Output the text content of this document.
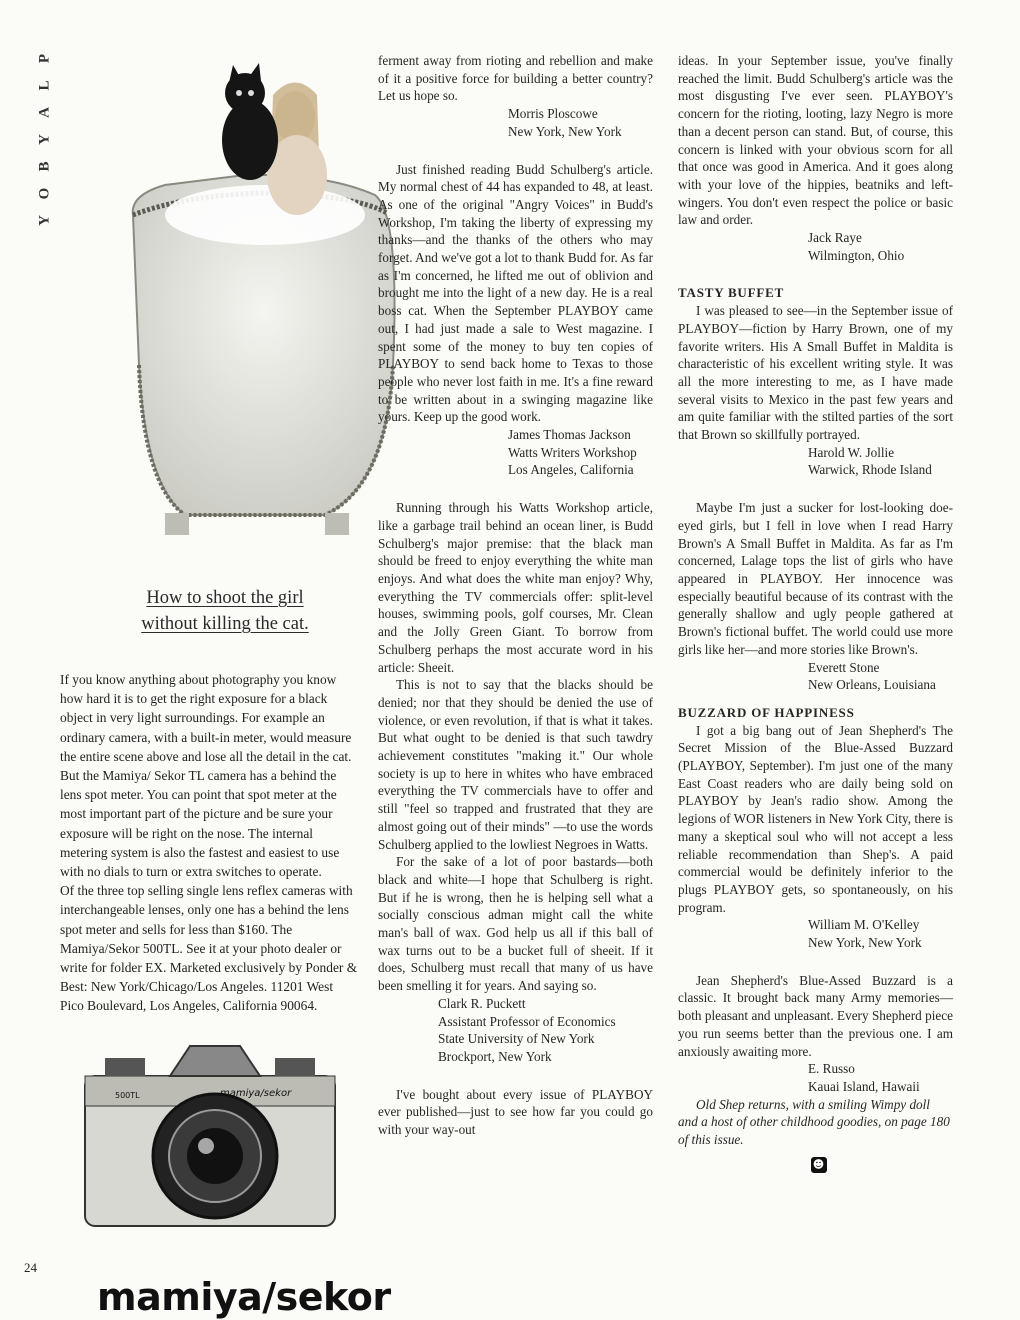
P
L
A
Y
B
O
Y
24
How to shoot the girl
without killing the cat.

If you know anything about photography you know how hard it is to get the right exposure for a black object in very light surroundings. For example an ordinary camera, with a built-in meter, would measure the entire scene above and lose all the detail in the cat. But the Mamiya/ Sekor TL camera has a behind the lens spot meter. You can point that spot meter at the most important part of the picture and be sure your exposure will be right on the nose. The internal metering system is also the fastest and easiest to use with no dials to turn or extra switches to operate.

Of the three top selling single lens reflex cameras with interchangeable lenses, only one has a behind the lens spot meter and sells for less than $160. The Mamiya/Sekor 500TL. See it at your photo dealer or write for folder EX. Marketed exclusively by Ponder & Best: New York/Chicago/Los Angeles. 11201 West Pico Boulevard, Los Angeles, California 90064.

mamiya/sekor
500TL
mamiya/sekor

ferment away from rioting and rebellion and make of it a positive force for building a better country? Let us hope so.

Morris Ploscowe
New York, New York

Just finished reading Budd Schulberg's article. My normal chest of 44 has expanded to 48, at least. As one of the original "Angry Voices" in Budd's Workshop, I'm taking the liberty of expressing my thanks—and the thanks of the others who may forget. And we've got a lot to thank Budd for. As far as I'm concerned, he lifted me out of oblivion and brought me into the light of a new day. He is a real boss cat. When the September PLAYBOY came out, I had just made a sale to West magazine. I spent some of the money to buy ten copies of PLAYBOY to send back home to Texas to those people who never lost faith in me. It's a fine reward to be written about in a swinging magazine like yours. Keep up the good work.

James Thomas Jackson
Watts Writers Workshop
Los Angeles, California

Running through his Watts Workshop article, like a garbage trail behind an ocean liner, is Budd Schulberg's major premise: that the black man should be freed to enjoy everything the white man enjoys. And what does the white man enjoy? Why, everything the TV commercials offer: split-level houses, swimming pools, golf courses, Mr. Clean and the Jolly Green Giant. To borrow from Schulberg perhaps the most accurate word in his article: Sheeit.

This is not to say that the blacks should be denied; nor that they should be denied the use of violence, or even revolution, if that is what it takes. But what ought to be denied is that such tawdry achievement constitutes "making it." Our whole society is up to here in whites who have embraced everything the TV commercials have to offer and still "feel so trapped and frustrated that they are almost going out of their minds" —to use the words Schulberg applied to the lowliest Negroes in Watts.

For the sake of a lot of poor bastards—both black and white—I hope that Schulberg is right. But if he is wrong, then he is helping sell what a socially conscious adman might call the white man's ball of wax. God help us all if this ball of wax turns out to be a bucket full of sheeit. If it does, Schulberg must recall that many of us have been smelling it for years. And saying so.

Clark R. Puckett
Assistant Professor of Economics
State University of New York
Brockport, New York

I've bought about every issue of PLAYBOY ever published—just to see how far you could go with your way-out

ideas. In your September issue, you've finally reached the limit. Budd Schulberg's article was the most disgusting I've ever seen. PLAYBOY's concern for the rioting, looting, lazy Negro is more than a decent person can stand. But, of course, this concern is linked with your obvious scorn for all that once was good in America. And it goes along with your love of the hippies, beatniks and left-wingers. You don't even respect the police or basic law and order.

Jack Raye
Wilmington, Ohio

TASTY BUFFET

I was pleased to see—in the September issue of PLAYBOY—fiction by Harry Brown, one of my favorite writers. His A Small Buffet in Maldita is characteristic of his excellent writing style. It was all the more interesting to me, as I have made several visits to Mexico in the past few years and am quite familiar with the stilted parties of the sort that Brown so skillfully portrayed.

Harold W. Jollie
Warwick, Rhode Island

Maybe I'm just a sucker for lost-looking doe-eyed girls, but I fell in love when I read Harry Brown's A Small Buffet in Maldita. As far as I'm concerned, Lalage tops the list of girls who have appeared in PLAYBOY. Her innocence was especially beautiful because of its contrast with the generally shallow and ugly people gathered at Brown's fictional buffet. The world could use more girls like her—and more stories like Brown's.

Everett Stone
New Orleans, Louisiana

BUZZARD OF HAPPINESS

I got a big bang out of Jean Shepherd's The Secret Mission of the Blue-Assed Buzzard (PLAYBOY, September). I'm just one of the many East Coast readers who are daily being sold on PLAYBOY by Jean's radio show. Among the legions of WOR listeners in New York City, there is many a skeptical soul who will not accept a less reliable recommendation than Shep's. A paid commercial would be definitely inferior to the plugs PLAYBOY gets, so spontaneously, on his program.

William M. O'Kelley
New York, New York

Jean Shepherd's Blue-Assed Buzzard is a classic. It brought back many Army memories—both pleasant and unpleasant. Every Shepherd piece you run seems better than the previous one. I am anxiously awaiting more.

E. Russo
Kauai Island, Hawaii

Old Shep returns, with a smiling Wimpy doll and a host of other childhood goodies, on page 180 of this issue.

☻
